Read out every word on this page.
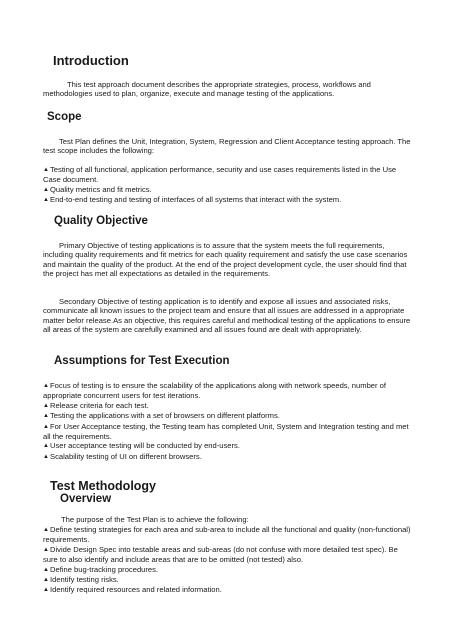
Introduction

This test approach document describes the appropriate strategies, process, workflows and methodologies used to plan, organize, execute and manage testing of the applications.

Scope

Test Plan defines the Unit, Integration, System, Regression and Client Acceptance testing approach. The test scope includes the following:

▲Testing of all functional, application performance, security and use cases requirements listed in the Use Case document.
▲Quality metrics and fit metrics.
▲End-to-end testing and testing of interfaces of all systems that interact with the system.
Quality Objective

Primary Objective of testing applications is to assure that the system meets the full requirements, including quality requirements and fit metrics for each quality requirement and satisfy the use case scenarios and maintain the quality of the product. At the end of the project development cycle, the user should find that the project has met all expectations as detailed in the requirements.

Secondary Objective of testing application is to identify and expose all issues and associated risks, communicate all known issues to the project team and ensure that all issues are addressed in a appropriate matter befor release.As an objective, this requires careful and methodical testing of the applications to ensure all areas of the system are carefully examined and all issues found are dealt with appropriately.

Assumptions for Test Execution
▲Focus of testing is to ensure the scalability of the applications along with network speeds, number of appropriate concurrent users for test iterations.
▲Release criteria for each test.
▲Testing the applications with a set of browsers on different platforms.
▲For User Acceptance testing, the Testing team has completed Unit, System and Integration testing and met all the requirements.
▲User acceptance testing will be conducted by end-users.
▲Scalability testing of UI on different browsers.
Test Methodology
Overview

The purpose of the Test Plan is to achieve the following:

▲Define testing strategies for each area and sub-area to include all the functional and quality (non-functional) requirements.
▲Divide Design Spec into testable areas and sub-areas (do not confuse with more detailed test spec). Be sure to also identify and include areas that are to be omitted (not tested) also.
▲Define bug-tracking procedures.
▲Identify testing risks.
▲Identify required resources and related information.
